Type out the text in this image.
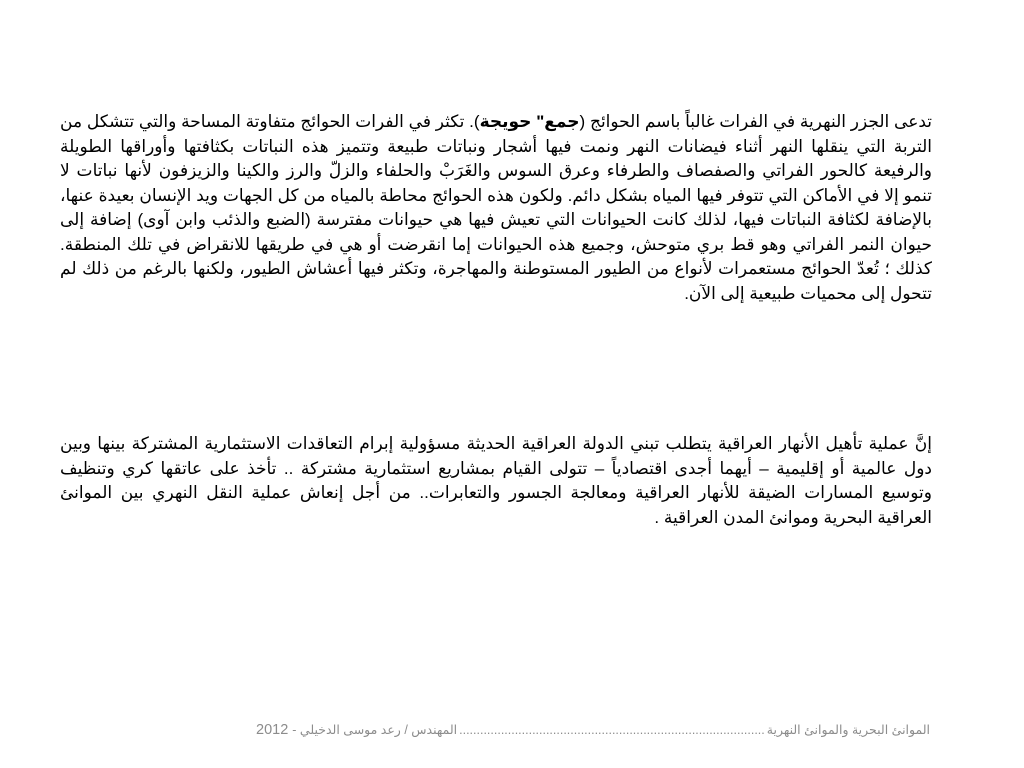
تدعى الجزر النهرية في الفرات غالباً باسم الحوائج (جمع" حويجة). تكثر في الفرات الحوائج متفاوتة المساحة والتي تتشكل من التربة التي ينقلها النهر أثناء فيضانات النهر ونمت فيها أشجار ونباتات طبيعة وتتميز هذه النباتات بكثافتها وأوراقها الطويلة والرفيعة كالحور الفراتي والصفصاف والطرفاء وعرق السوس والغَرَبْ والحلفاء والزلّ والرز والكينا والزيزفون لأنها نباتات لا تنمو إلا في الأماكن التي تتوفر فيها المياه بشكل دائم. ولكون هذه الحوائج محاطة بالمياه من كل الجهات ويد الإنسان بعيدة عنها، بالإضافة لكثافة النباتات فيها، لذلك كانت الحيوانات التي تعيش فيها هي حيوانات مفترسة (الضبع والذئب وابن آوى) إضافة إلى حيوان النمر الفراتي وهو قط بري متوحش، وجميع هذه الحيوانات إما انقرضت أو هي في طريقها للانقراض في تلك المنطقة. كذلك ؛ تُعدّ الحوائج مستعمرات لأنواع من الطيور المستوطنة والمهاجرة، وتكثر فيها أعشاش الطيور، ولكنها بالرغم من ذلك لم تتحول إلى محميات طبيعية إلى الآن.

إنَّ عملية تأهيل الأنهار العراقية يتطلب تبني الدولة العراقية الحديثة مسؤولية إبرام التعاقدات الاستثمارية المشتركة بينها وبين دول عالمية أو إقليمية – أيهما أجدى اقتصادياً – تتولى القيام بمشاريع استثمارية مشتركة .. تأخذ على عاتقها كري وتنظيف وتوسيع المسارات الضيقة للأنهار العراقية ومعالجة الجسور والتعابرات.. من أجل إنعاش عملية النقل النهري بين الموانئ العراقية البحرية وموانئ المدن العراقية .

الموانئ البحرية والموانئ النهرية
........................................................................................
المهندس / رعد موسى الدخيلي -
2012
